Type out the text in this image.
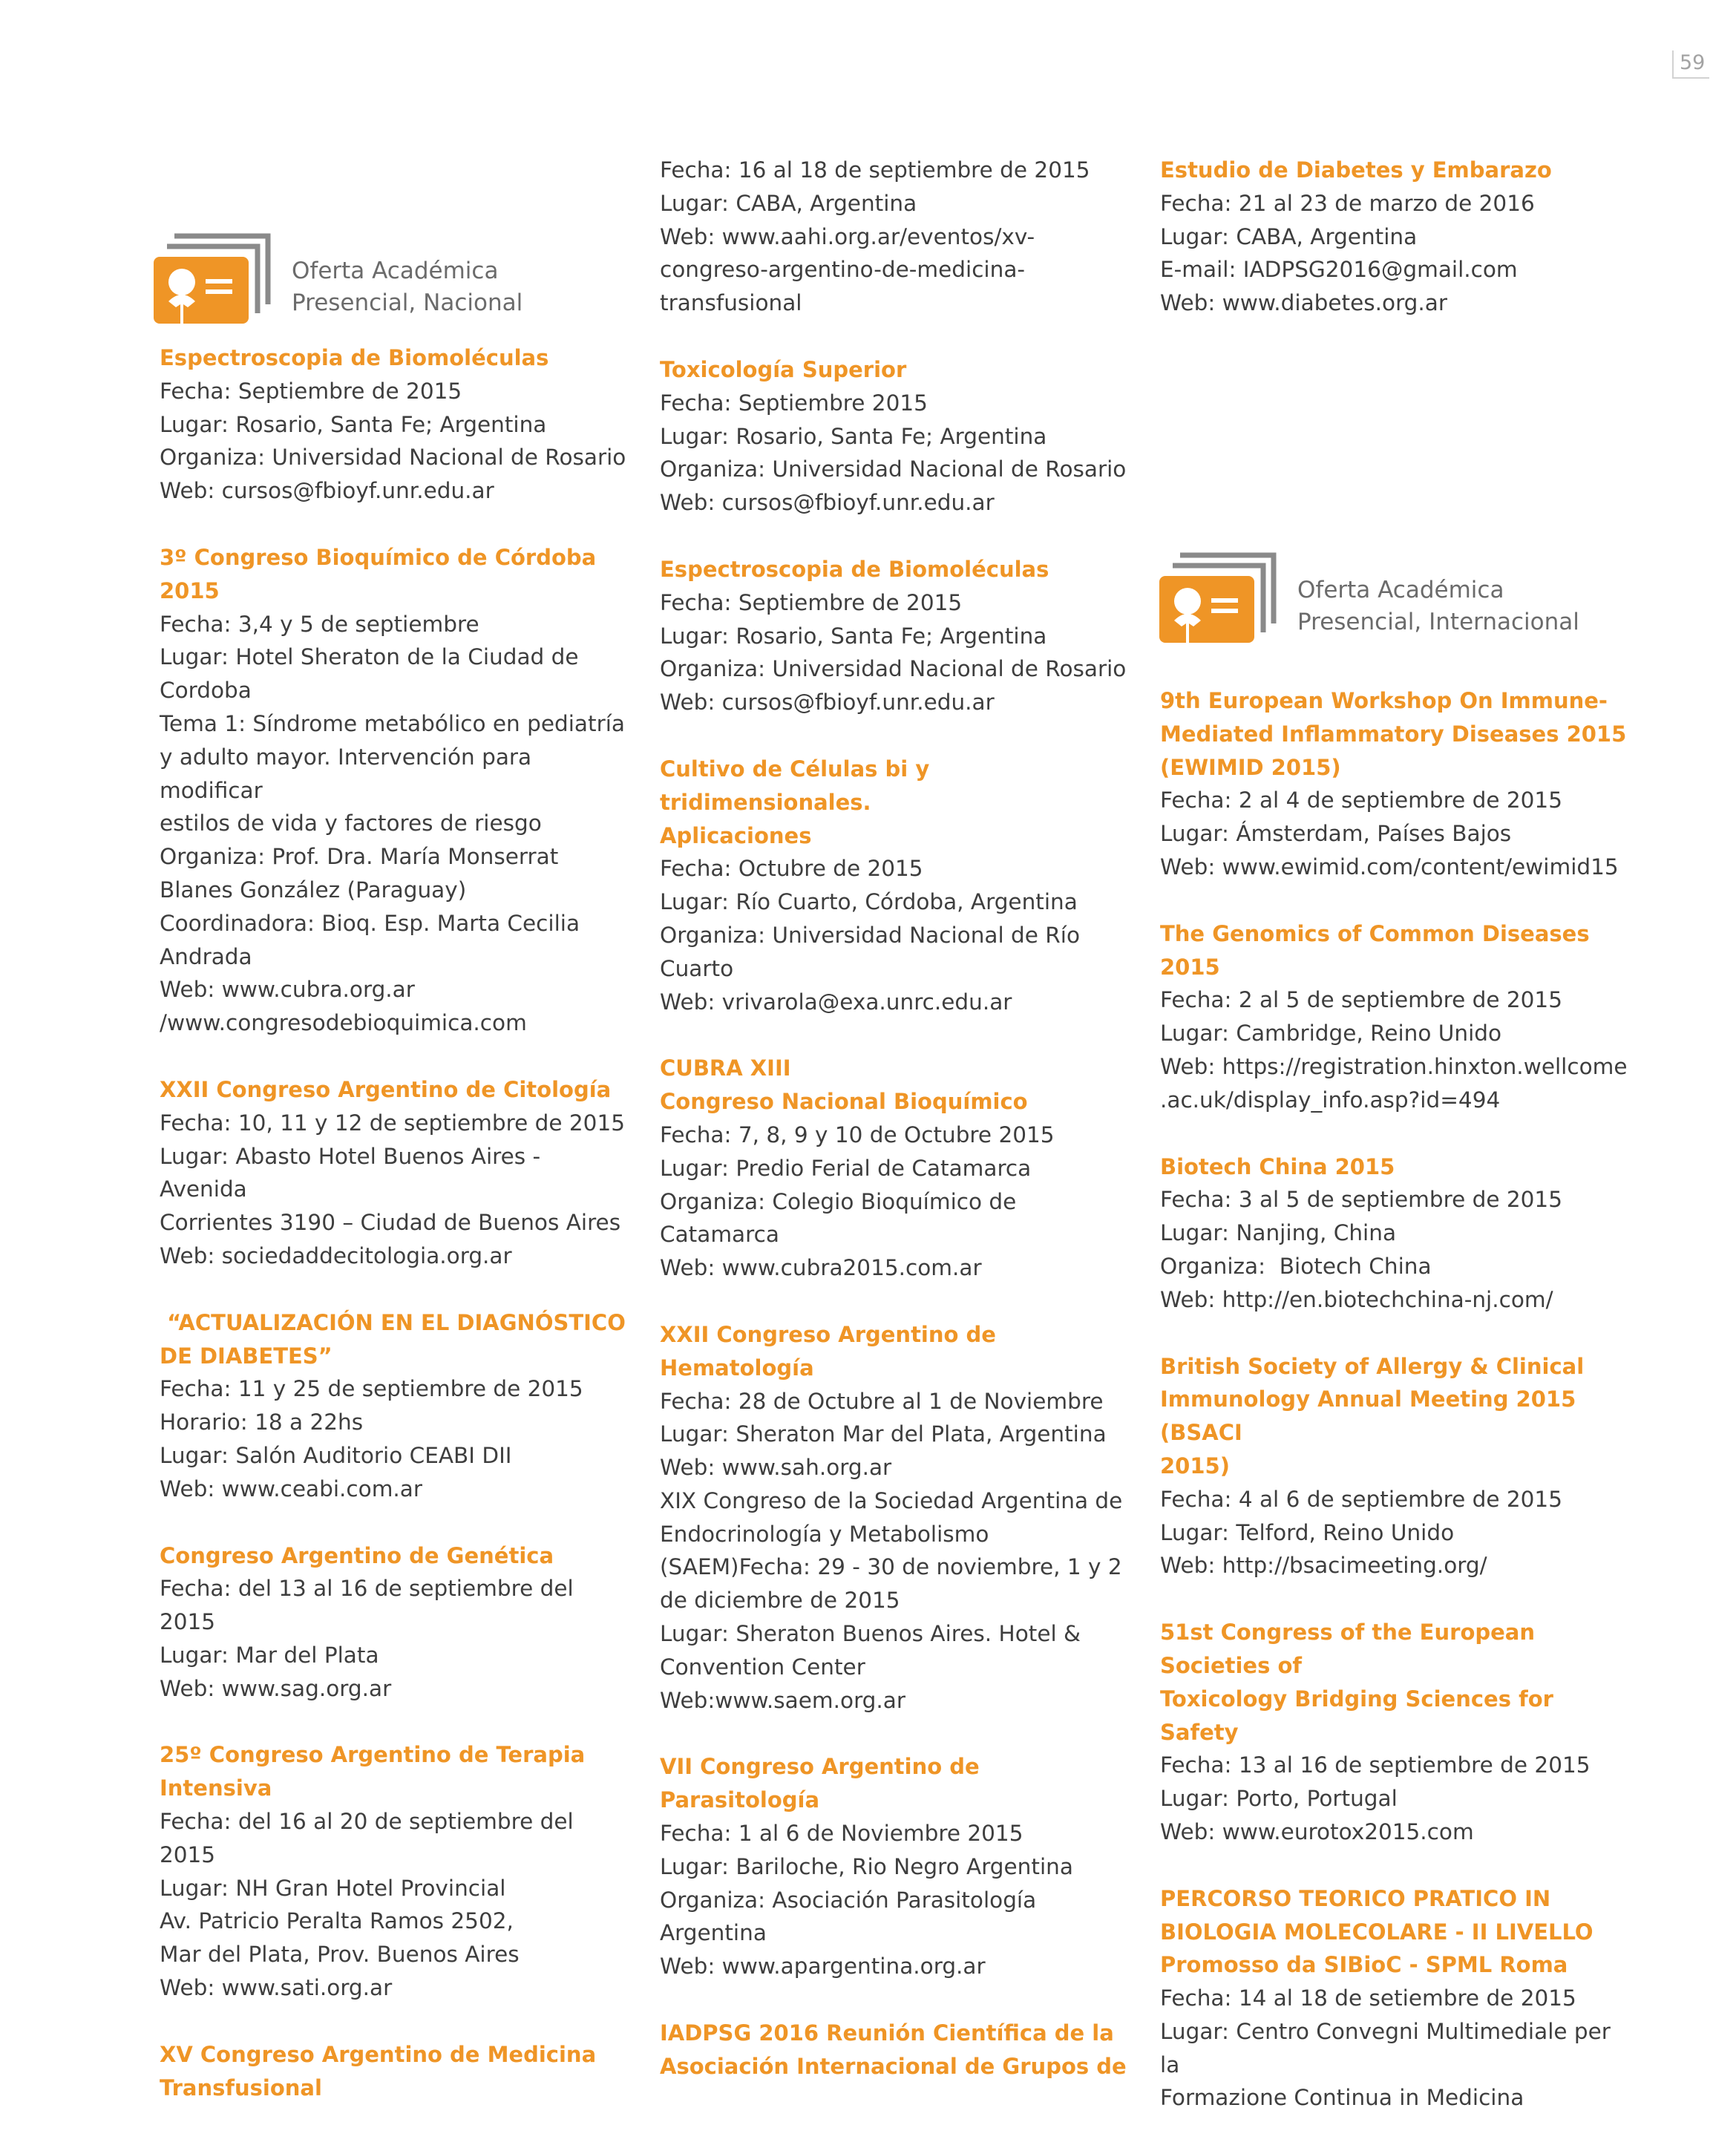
59
Oferta Académica
Presencial, Nacional
Oferta Académica
Presencial, Internacional
Espectroscopia de Biomoléculas
Fecha: Septiembre de 2015
Lugar: Rosario, Santa Fe; Argentina
Organiza: Universidad Nacional de Rosario
Web: cursos@fbioyf.unr.edu.ar
3º Congreso Bioquímico de Córdoba 2015
Fecha: 3,4 y 5 de septiembre
Lugar: Hotel Sheraton de la Ciudad de
Cordoba
Tema 1: Síndrome metabólico en pediatría
y adulto mayor. Intervención para modificar
estilos de vida y factores de riesgo
Organiza: Prof. Dra. María Monserrat
Blanes González (Paraguay)
Coordinadora: Bioq. Esp. Marta Cecilia
Andrada
Web: www.cubra.org.ar
/www.congresodebioquimica.com
XXII Congreso Argentino de Citología
Fecha: 10, 11 y 12 de septiembre de 2015
Lugar: Abasto Hotel Buenos Aires - Avenida
Corrientes 3190 – Ciudad de Buenos Aires
Web: sociedaddecitologia.org.ar
“ACTUALIZACIÓN EN EL DIAGNÓSTICO
DE DIABETES”
Fecha: 11 y 25 de septiembre de 2015
Horario: 18 a 22hs
Lugar: Salón Auditorio CEABI DII
Web: www.ceabi.com.ar
Congreso Argentino de Genética
Fecha: del 13 al 16 de septiembre del 2015
Lugar: Mar del Plata
Web: www.sag.org.ar
25º Congreso Argentino de Terapia
Intensiva
Fecha: del 16 al 20 de septiembre del 2015
Lugar: NH Gran Hotel Provincial
Av. Patricio Peralta Ramos 2502,
Mar del Plata, Prov. Buenos Aires
Web: www.sati.org.ar
XV Congreso Argentino de Medicina
Transfusional
Fecha: 16 al 18 de septiembre de 2015
Lugar: CABA, Argentina
Web: www.aahi.org.ar/eventos/xv-
congreso-argentino-de-medicina-
transfusional
Toxicología Superior
Fecha: Septiembre 2015
Lugar: Rosario, Santa Fe; Argentina
Organiza: Universidad Nacional de Rosario
Web: cursos@fbioyf.unr.edu.ar
Espectroscopia de Biomoléculas
Fecha: Septiembre de 2015
Lugar: Rosario, Santa Fe; Argentina
Organiza: Universidad Nacional de Rosario
Web: cursos@fbioyf.unr.edu.ar
Cultivo de Células bi y tridimensionales.
Aplicaciones
Fecha: Octubre de 2015
Lugar: Río Cuarto, Córdoba, Argentina
Organiza: Universidad Nacional de Río
Cuarto
Web: vrivarola@exa.unrc.edu.ar
CUBRA XIII
Congreso Nacional Bioquímico
Fecha: 7, 8, 9 y 10 de Octubre 2015
Lugar: Predio Ferial de Catamarca
Organiza: Colegio Bioquímico de Catamarca
Web: www.cubra2015.com.ar
XXII Congreso Argentino de Hematología
Fecha: 28 de Octubre al 1 de Noviembre
Lugar: Sheraton Mar del Plata, Argentina
Web: www.sah.org.ar
XIX Congreso de la Sociedad Argentina de
Endocrinología y Metabolismo
(SAEM)Fecha: 29 - 30 de noviembre, 1 y 2
de diciembre de 2015
Lugar: Sheraton Buenos Aires. Hotel &
Convention Center
Web:www.saem.org.ar
VII Congreso Argentino de Parasitología
Fecha: 1 al 6 de Noviembre 2015
Lugar: Bariloche, Rio Negro Argentina
Organiza: Asociación Parasitología
Argentina
Web: www.apargentina.org.ar
IADPSG 2016 Reunión Científica de la
Asociación Internacional de Grupos de
Estudio de Diabetes y Embarazo
Fecha: 21 al 23 de marzo de 2016
Lugar: CABA, Argentina
E-mail: IADPSG2016@gmail.com
Web: www.diabetes.org.ar
9th European Workshop On Immune-
Mediated Inflammatory Diseases 2015
(EWIMID 2015)
Fecha: 2 al 4 de septiembre de 2015
Lugar: Ámsterdam, Países Bajos
Web: www.ewimid.com/content/ewimid15
The Genomics of Common Diseases 2015
Fecha: 2 al 5 de septiembre de 2015
Lugar: Cambridge, Reino Unido
Web: https://registration.hinxton.wellcome
.ac.uk/display_info.asp?id=494
Biotech China 2015
Fecha: 3 al 5 de septiembre de 2015
Lugar: Nanjing, China
Organiza:  Biotech China
Web: http://en.biotechchina-nj.com/
British Society of Allergy & Clinical
Immunology Annual Meeting 2015 (BSACI
2015)
Fecha: 4 al 6 de septiembre de 2015
Lugar: Telford, Reino Unido
Web: http://bsacimeeting.org/
51st Congress of the European Societies of
Toxicology Bridging Sciences for Safety
Fecha: 13 al 16 de septiembre de 2015
Lugar: Porto, Portugal
Web: www.eurotox2015.com
PERCORSO TEORICO PRATICO IN
BIOLOGIA MOLECOLARE - II LIVELLO
Promosso da SIBioC - SPML Roma
Fecha: 14 al 18 de setiembre de 2015
Lugar: Centro Convegni Multimediale per la
Formazione Continua in Medicina
